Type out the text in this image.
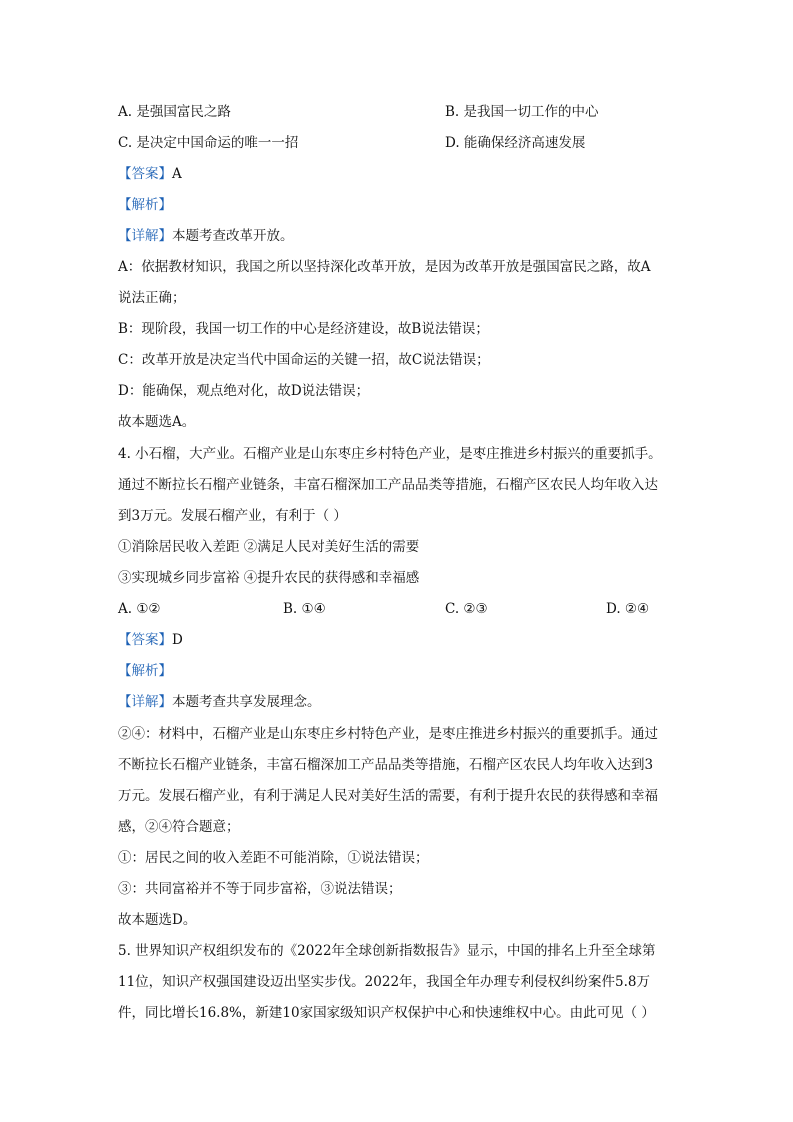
A. 是强国富民之路	B. 是我国一切工作的中心
C. 是决定中国命运的唯一一招	D. 能确保经济高速发展
【答案】A
【解析】
【详解】本题考查改革开放。
A：依据教材知识，我国之所以坚持深化改革开放，是因为改革开放是强国富民之路，故A
说法正确；
B：现阶段，我国一切工作的中心是经济建设，故B说法错误；
C：改革开放是决定当代中国命运的关键一招，故C说法错误；
D：能确保，观点绝对化，故D说法错误；
故本题选A。
4. 小石榴，大产业。石榴产业是山东枣庄乡村特色产业，是枣庄推进乡村振兴的重要抓手。
通过不断拉长石榴产业链条，丰富石榴深加工产品品类等措施，石榴产区农民人均年收入达
到3万元。发展石榴产业，有利于（ ）
①消除居民收入差距 ②满足人民对美好生活的需要
③实现城乡同步富裕 ④提升农民的获得感和幸福感
A. ①②	B. ①④	C. ②③	D. ②④
【答案】D
【解析】
【详解】本题考查共享发展理念。
②④：材料中，石榴产业是山东枣庄乡村特色产业，是枣庄推进乡村振兴的重要抓手。通过
不断拉长石榴产业链条，丰富石榴深加工产品品类等措施，石榴产区农民人均年收入达到3
万元。发展石榴产业，有利于满足人民对美好生活的需要，有利于提升农民的获得感和幸福
感，②④符合题意；
①：居民之间的收入差距不可能消除，①说法错误；
③：共同富裕并不等于同步富裕，③说法错误；
故本题选D。
5. 世界知识产权组织发布的《2022年全球创新指数报告》显示，中国的排名上升至全球第
11位，知识产权强国建设迈出坚实步伐。2022年，我国全年办理专利侵权纠纷案件5.8万
件，同比增长16.8%，新建10家国家级知识产权保护中心和快速维权中心。由此可见（ ）
